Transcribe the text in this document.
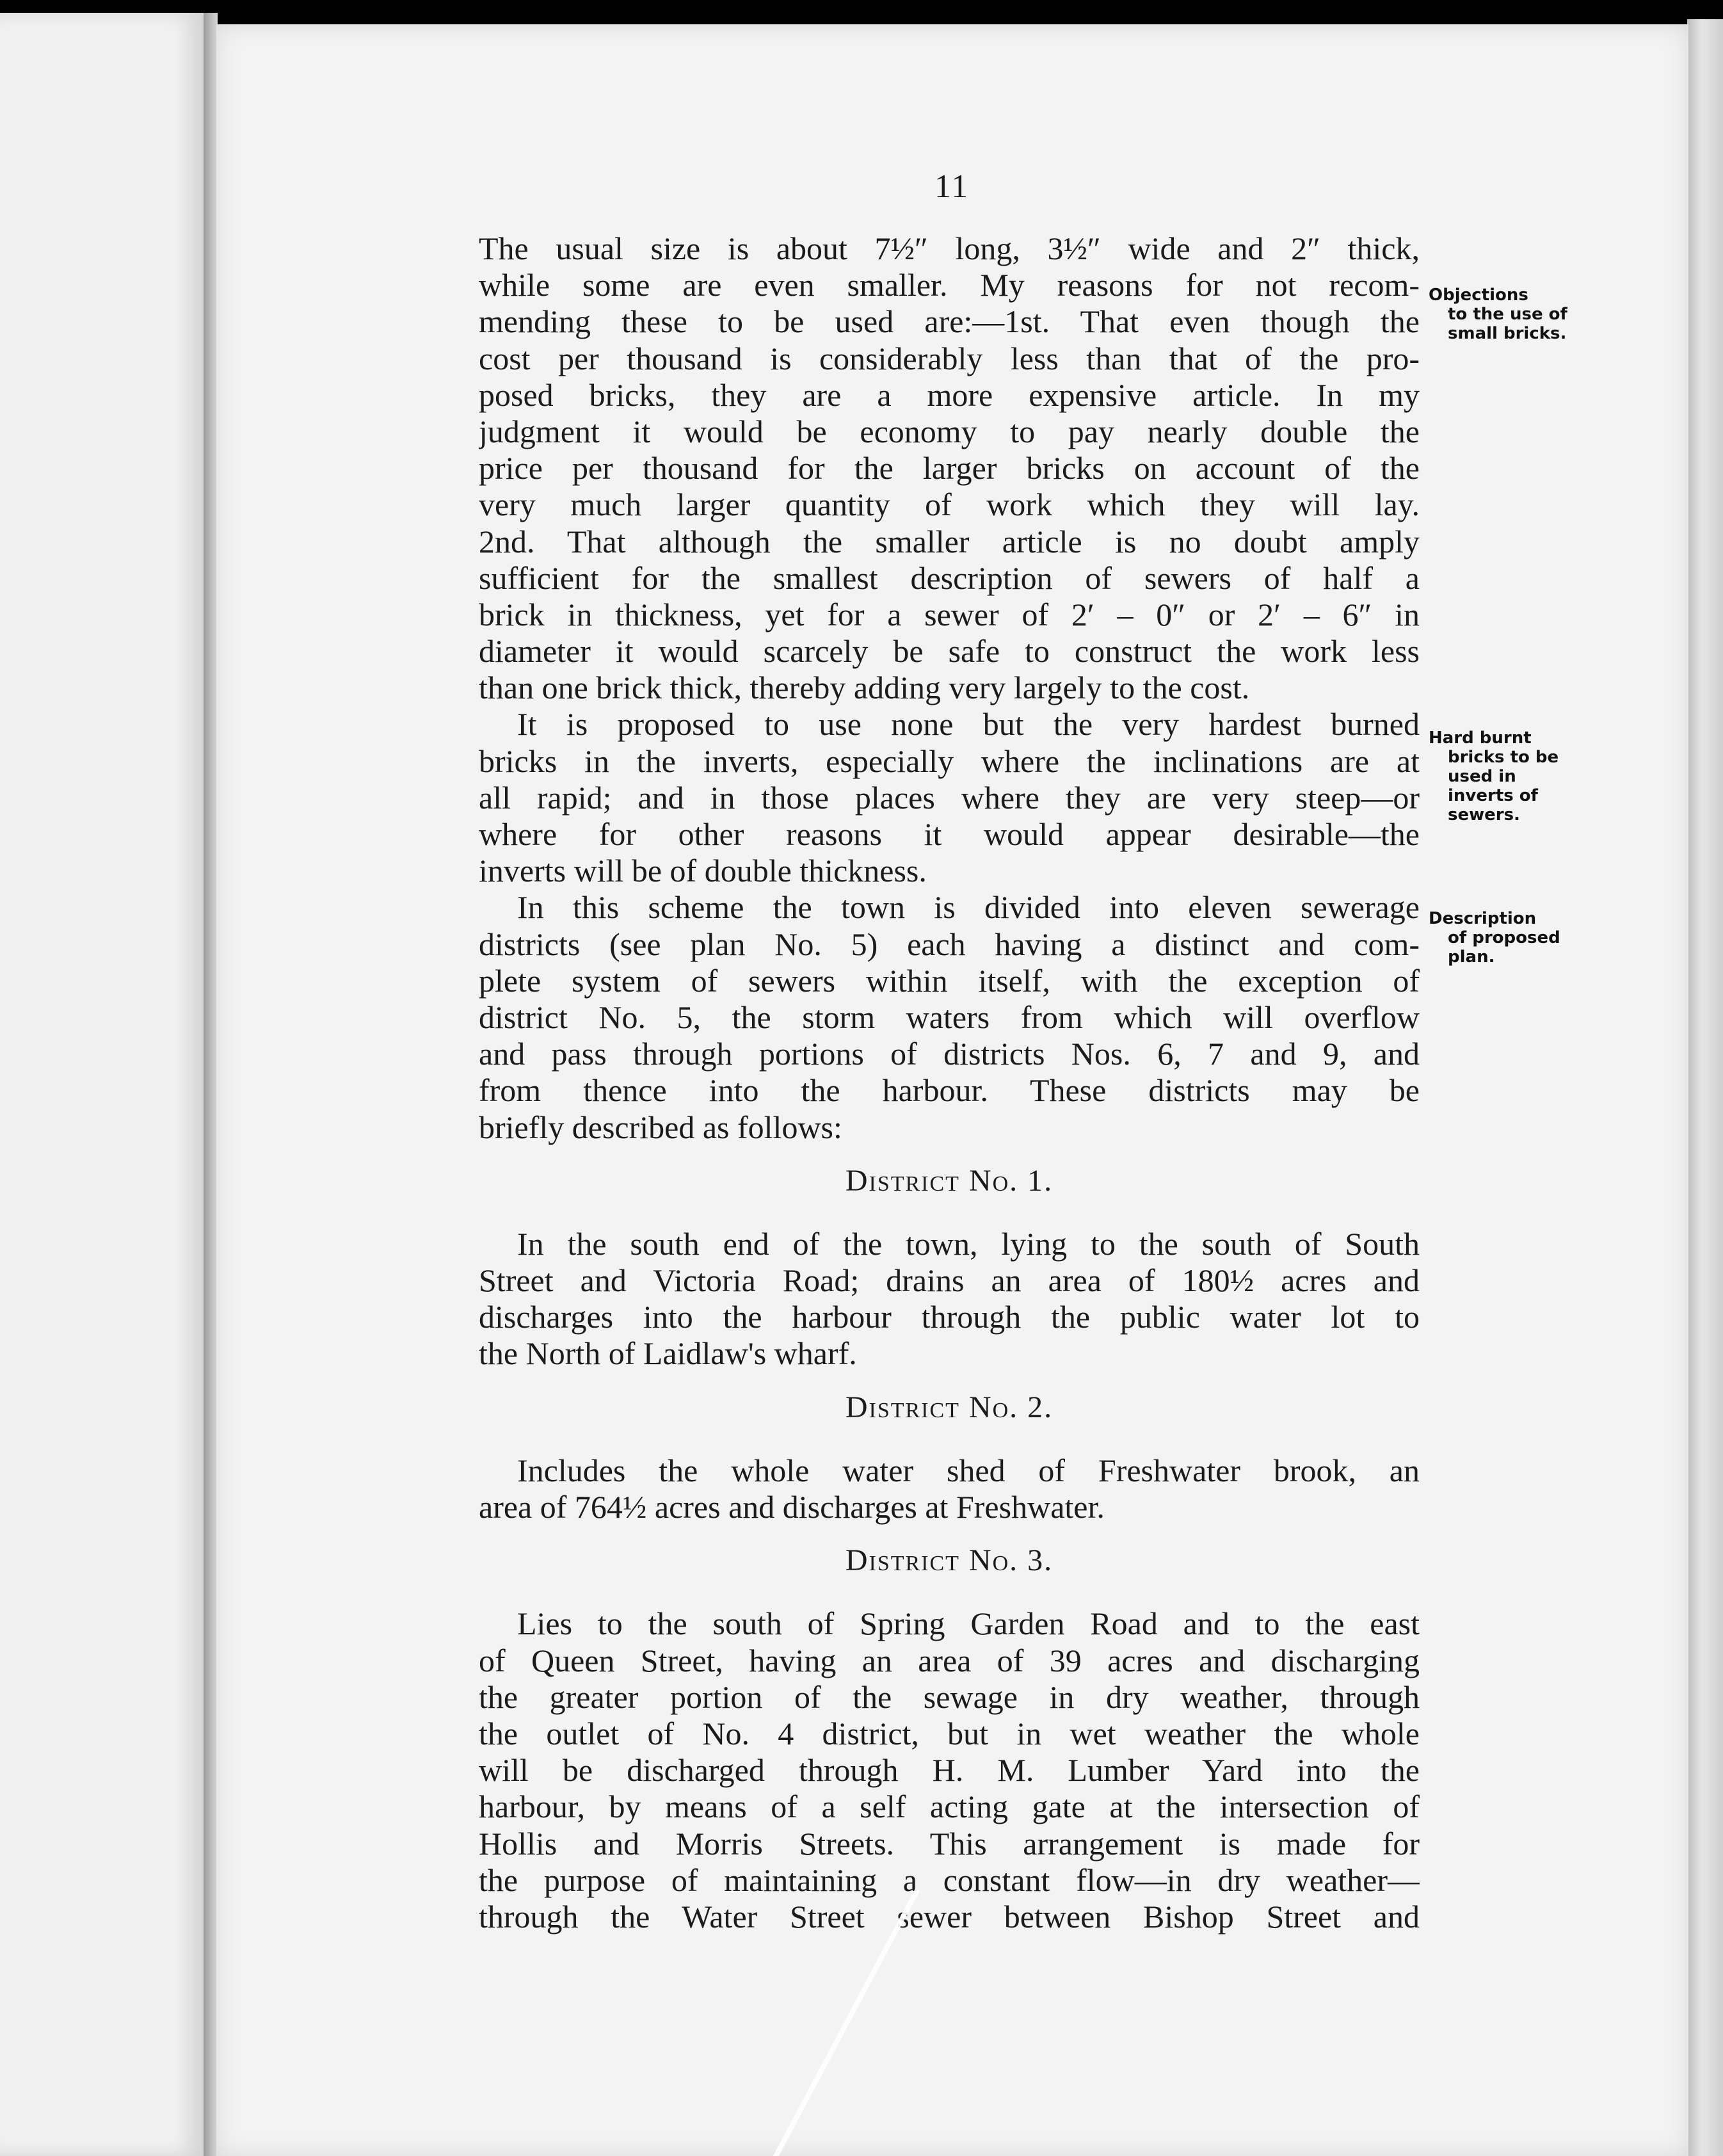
11
The usual size is about 7½″ long, 3½″ wide and 2″ thick,
while some are even smaller. My reasons for not recom-
mending these to be used are:—1st. That even though the
cost per thousand is considerably less than that of the pro-
posed bricks, they are a more expensive article. In my
judgment it would be economy to pay nearly double the
price per thousand for the larger bricks on account of the
very much larger quantity of work which they will lay.
2nd. That although the smaller article is no doubt amply
sufficient for the smallest description of sewers of half a
brick in thickness, yet for a sewer of 2′ – 0″ or 2′ – 6″ in
diameter it would scarcely be safe to construct the work less
than one brick thick, thereby adding very largely to the cost.
It is proposed to use none but the very hardest burned
bricks in the inverts, especially where the inclinations are at
all rapid; and in those places where they are very steep—or
where for other reasons it would appear desirable—the
inverts will be of double thickness.
In this scheme the town is divided into eleven sewerage
districts (see plan No. 5) each having a distinct and com-
plete system of sewers within itself, with the exception of
district No. 5, the storm waters from which will overflow
and pass through portions of districts Nos. 6, 7 and 9, and
from thence into the harbour. These districts may be
briefly described as follows:
District No. 1.
In the south end of the town, lying to the south of South
Street and Victoria Road; drains an area of 180½ acres and
discharges into the harbour through the public water lot to
the North of Laidlaw's wharf.
District No. 2.
Includes the whole water shed of Freshwater brook, an
area of 764½ acres and discharges at Freshwater.
District No. 3.
Lies to the south of Spring Garden Road and to the east
of Queen Street, having an area of 39 acres and discharging
the greater portion of the sewage in dry weather, through
the outlet of No. 4 district, but in wet weather the whole
will be discharged through H. M. Lumber Yard into the
harbour, by means of a self acting gate at the intersection of
Hollis and Morris Streets. This arrangement is made for
the purpose of maintaining a constant flow—in dry weather—
through the Water Street sewer between Bishop Street and
Objections
to the use of
small bricks.
Hard burnt
bricks to be
used in
inverts of
sewers.
Description
of proposed
plan.
